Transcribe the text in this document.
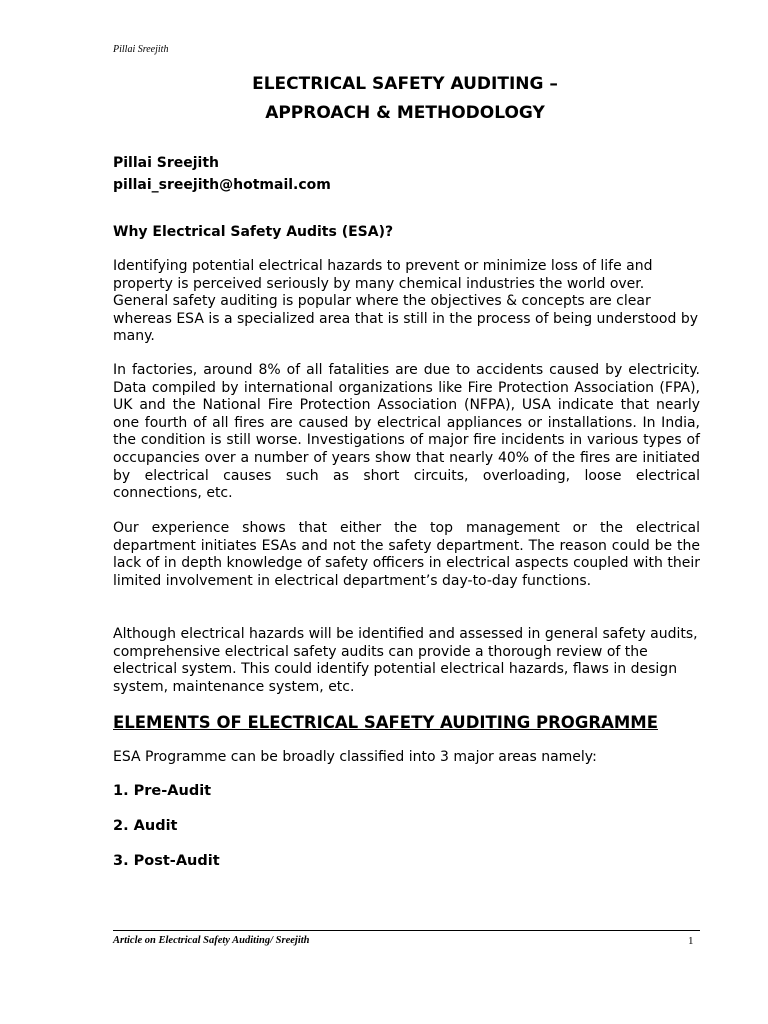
Pillai Sreejith
ELECTRICAL SAFETY AUDITING –
APPROACH & METHODOLOGY
Pillai Sreejith
pillai_sreejith@hotmail.com
Why Electrical Safety Audits (ESA)?

Identifying potential electrical hazards to prevent or minimize loss of life and property is perceived seriously by many chemical industries the world over. General safety auditing is popular where the objectives & concepts are clear whereas ESA is a specialized area that is still in the process of being understood by many.

In factories, around 8% of all fatalities are due to accidents caused by electricity. Data compiled by international organizations like Fire Protection Association (FPA), UK and the National Fire Protection Association (NFPA), USA indicate that nearly one fourth of all fires are caused by electrical appliances or installations. In India, the condition is still worse. Investigations of major fire incidents in various types of occupancies over a number of years show that nearly 40% of the fires are initiated by electrical causes such as short circuits, overloading, loose electrical connections, etc.

Our experience shows that either the top management or the electrical department initiates ESAs and not the safety department. The reason could be the lack of in depth knowledge of safety officers in electrical aspects coupled with their limited involvement in electrical department’s day-to-day functions.

Although electrical hazards will be identified and assessed in general safety audits, comprehensive electrical safety audits can provide a thorough review of the electrical system. This could identify potential electrical hazards, flaws in design system, maintenance system, etc.

ELEMENTS OF ELECTRICAL SAFETY AUDITING PROGRAMME
ESA Programme can be broadly classified into 3 major areas namely:
1. Pre-Audit
2. Audit
3. Post-Audit
Article on Electrical Safety Auditing/ Sreejith	1
